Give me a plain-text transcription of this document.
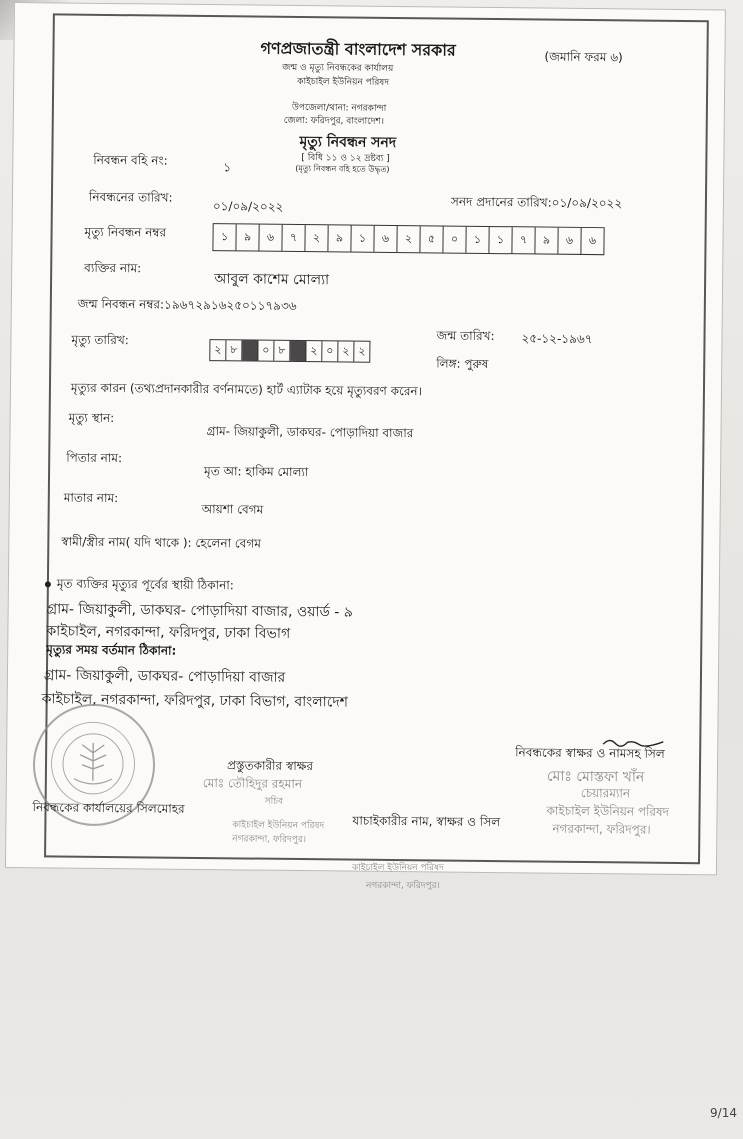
গণপ্রজাতন্ত্রী বাংলাদেশ সরকার	(জমানি ফরম ৬)
জন্ম ও মৃত্যু নিবন্ধকের কার্যালয়
কাইচাইল ইউনিয়ন পরিষদ
উপজেলা/থানা: নগরকান্দা
জেলা: ফরিদপুর, বাংলাদেশ।
মৃত্যু নিবন্ধন সনদ
[ বিধি ১১ ও ১২ দ্রষ্টব্য ]
(মৃত্যু নিবন্ধন বহি হতে উদ্ধৃত)
নিবন্ধন বহি নং:	১
নিবন্ধনের তারিখ:
০১/০৯/২০২২	সনদ প্রদানের তারিখ:০১/০৯/২০২২
মৃত্যু নিবন্ধন নম্বর	১	৯	৬	৭	২	৯	১	৬	২	৫	০	১	১	৭	৯	৬	৬
ব্যক্তির নাম:
আবুল কাশেম মোল্যা
জন্ম নিবন্ধন নম্বর:১৯৬৭২৯১৬২৫০১১৭৯৩৬
মৃত্যু তারিখ:
২ ৮	০ ৮	২ ০ ২ ২
জন্ম তারিখ: ২৫-১২-১৯৬৭
লিঙ্গ: পুরুষ
মৃত্যুর কারন (তথ্যপ্রদানকারীর বর্ণনামতে) হার্ট এ্যাটাক হয়ে মৃত্যুবরণ করেন।
মৃত্যু স্থান:
গ্রাম- জিয়াকুলী, ডাকঘর- পোড়াদিয়া বাজার
পিতার নাম:
মৃত আ: হাকিম মোল্যা
মাতার নাম:
আয়শা বেগম
স্বামী/স্ত্রীর নাম( যদি থাকে ): হেলেনা বেগম
মৃত ব্যক্তির মৃত্যুর পূর্বের স্থায়ী ঠিকানা:
গ্রাম- জিয়াকুলী, ডাকঘর- পোড়াদিয়া বাজার, ওয়ার্ড - ৯
কাইচাইল, নগরকান্দা, ফরিদপুর, ঢাকা বিভাগ
মৃত্যুর সময় বর্তমান ঠিকানা:
গ্রাম- জিয়াকুলী, ডাকঘর- পোড়াদিয়া বাজার
কাইচাইল, নগরকান্দা, ফরিদপুর, ঢাকা বিভাগ, বাংলাদেশ
প্রস্তুতকারীর স্বাক্ষর
মোঃ তৌহিদুর রহমান
সচিব
নিবন্ধকের স্বাক্ষর ও নামসহ সিল
মোঃ মোস্তফা খাঁন
চেয়ারম্যান
কাইচাইল ইউনিয়ন পরিষদ
নগরকান্দা, ফরিদপুর।
নিবন্ধকের কার্যালয়ের সিলমোহর
যাচাইকারীর নাম, স্বাক্ষর ও সিল
কাইচাইল ইউনিয়ন পরিষদ
নগরকান্দা, ফরিদপুর।
কাইচাইল ইউনিয়ন পরিষদ
নগরকান্দা, ফরিদপুর।
9/14
